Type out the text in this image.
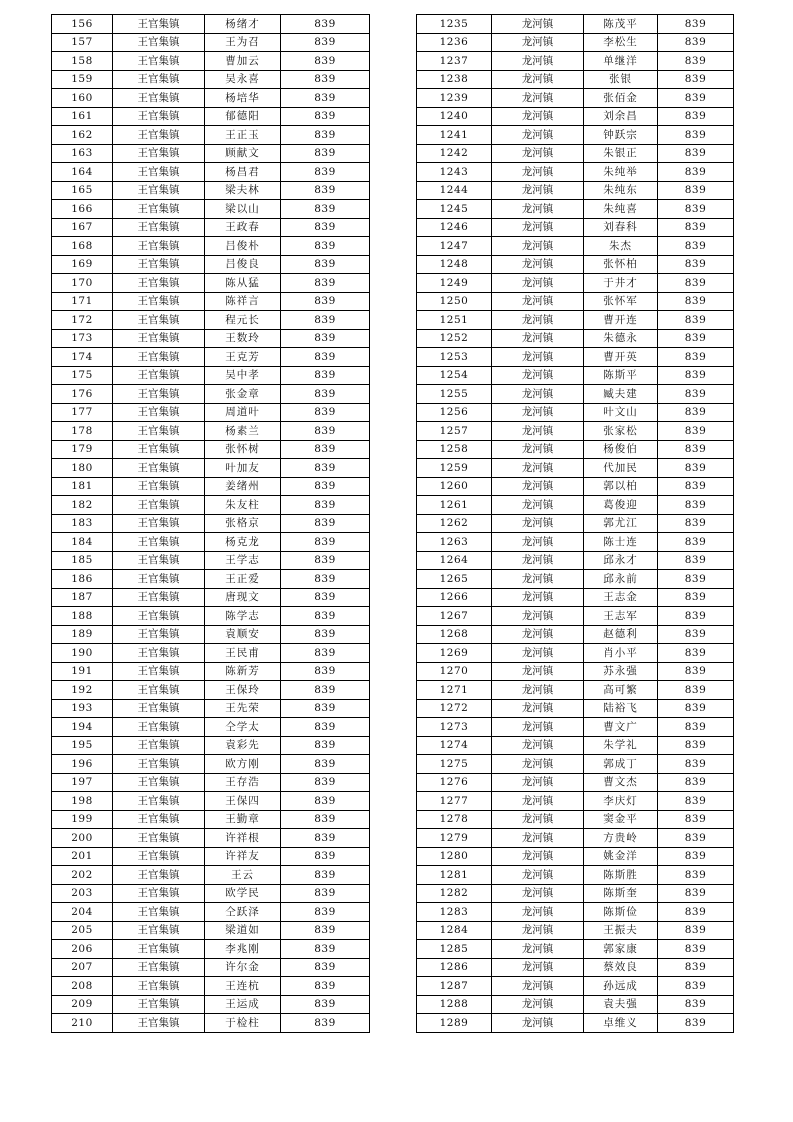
156	王官集镇	杨绪才	839
157	王官集镇	王为召	839
158	王官集镇	曹加云	839
159	王官集镇	吴永喜	839
160	王官集镇	杨培华	839
161	王官集镇	郁德阳	839
162	王官集镇	王正玉	839
163	王官集镇	顾献文	839
164	王官集镇	杨昌君	839
165	王官集镇	梁夫林	839
166	王官集镇	梁以山	839
167	王官集镇	王政春	839
168	王官集镇	吕俊朴	839
169	王官集镇	吕俊良	839
170	王官集镇	陈从猛	839
171	王官集镇	陈祥言	839
172	王官集镇	程元长	839
173	王官集镇	王数玲	839
174	王官集镇	王克芳	839
175	王官集镇	吴中孝	839
176	王官集镇	张金章	839
177	王官集镇	周道叶	839
178	王官集镇	杨素兰	839
179	王官集镇	张怀树	839
180	王官集镇	叶加友	839
181	王官集镇	姜绪州	839
182	王官集镇	朱友柱	839
183	王官集镇	张格京	839
184	王官集镇	杨克龙	839
185	王官集镇	王学志	839
186	王官集镇	王正爱	839
187	王官集镇	唐现文	839
188	王官集镇	陈学志	839
189	王官集镇	袁顺安	839
190	王官集镇	王民甫	839
191	王官集镇	陈新芳	839
192	王官集镇	王保玲	839
193	王官集镇	王先荣	839
194	王官集镇	仝学太	839
195	王官集镇	袁彩先	839
196	王官集镇	欧方刚	839
197	王官集镇	王存浩	839
198	王官集镇	王保四	839
199	王官集镇	王勤章	839
200	王官集镇	许祥根	839
201	王官集镇	许祥友	839
202	王官集镇	王云	839
203	王官集镇	欧学民	839
204	王官集镇	仝跃泽	839
205	王官集镇	梁道如	839
206	王官集镇	李兆刚	839
207	王官集镇	许尔金	839
208	王官集镇	王连杭	839
209	王官集镇	王运成	839
210	王官集镇	于检柱	839
1235	龙河镇	陈茂平	839
1236	龙河镇	李松生	839
1237	龙河镇	单继洋	839
1238	龙河镇	张银	839
1239	龙河镇	张佰金	839
1240	龙河镇	刘余昌	839
1241	龙河镇	钟跃宗	839
1242	龙河镇	朱银正	839
1243	龙河镇	朱纯举	839
1244	龙河镇	朱纯东	839
1245	龙河镇	朱纯喜	839
1246	龙河镇	刘春科	839
1247	龙河镇	朱杰	839
1248	龙河镇	张怀柏	839
1249	龙河镇	于井才	839
1250	龙河镇	张怀军	839
1251	龙河镇	曹开连	839
1252	龙河镇	朱德永	839
1253	龙河镇	曹开英	839
1254	龙河镇	陈斯平	839
1255	龙河镇	臧夫建	839
1256	龙河镇	叶文山	839
1257	龙河镇	张家松	839
1258	龙河镇	杨俊伯	839
1259	龙河镇	代加民	839
1260	龙河镇	郭以柏	839
1261	龙河镇	葛俊迎	839
1262	龙河镇	郭尤江	839
1263	龙河镇	陈士连	839
1264	龙河镇	邱永才	839
1265	龙河镇	邱永前	839
1266	龙河镇	王志金	839
1267	龙河镇	王志军	839
1268	龙河镇	赵德利	839
1269	龙河镇	肖小平	839
1270	龙河镇	苏永强	839
1271	龙河镇	高可繁	839
1272	龙河镇	陆裕飞	839
1273	龙河镇	曹文广	839
1274	龙河镇	朱学礼	839
1275	龙河镇	郭成丁	839
1276	龙河镇	曹文杰	839
1277	龙河镇	李庆灯	839
1278	龙河镇	窦金平	839
1279	龙河镇	方贵岭	839
1280	龙河镇	姚金洋	839
1281	龙河镇	陈斯胜	839
1282	龙河镇	陈斯奎	839
1283	龙河镇	陈斯俭	839
1284	龙河镇	王振夫	839
1285	龙河镇	郭家康	839
1286	龙河镇	蔡效良	839
1287	龙河镇	孙远成	839
1288	龙河镇	袁夫强	839
1289	龙河镇	卓维义	839
